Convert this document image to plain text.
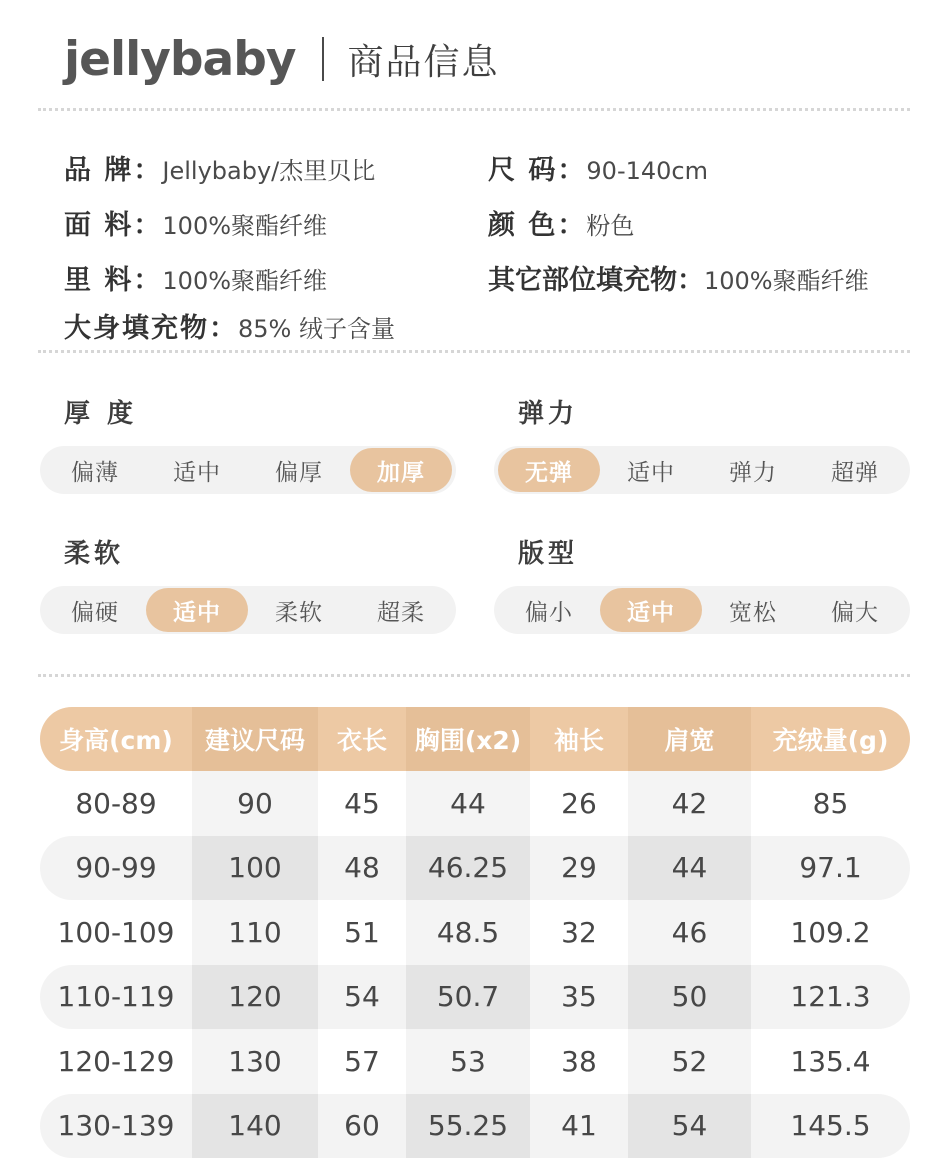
jellybaby 商品信息
品 牌：Jellybaby/杰里贝比
面 料：100%聚酯纤维
里 料：100%聚酯纤维
大身填充物：85% 绒子含量
尺 码：90-140cm
颜 色：粉色
其它部位填充物：100%聚酯纤维
厚 度
偏薄	适中	偏厚	加厚
弹力
无弹	适中	弹力	超弹
柔软
偏硬	适中	柔软	超柔
版型
偏小	适中	宽松	偏大
身高(cm)	建议尺码	衣长	胸围(x2)	袖长	肩宽	充绒量(g)
80-89	90	45	44	26	42	85
90-99	100	48	46.25	29	44	97.1
100-109	110	51	48.5	32	46	109.2
110-119	120	54	50.7	35	50	121.3
120-129	130	57	53	38	52	135.4
130-139	140	60	55.25	41	54	145.5
